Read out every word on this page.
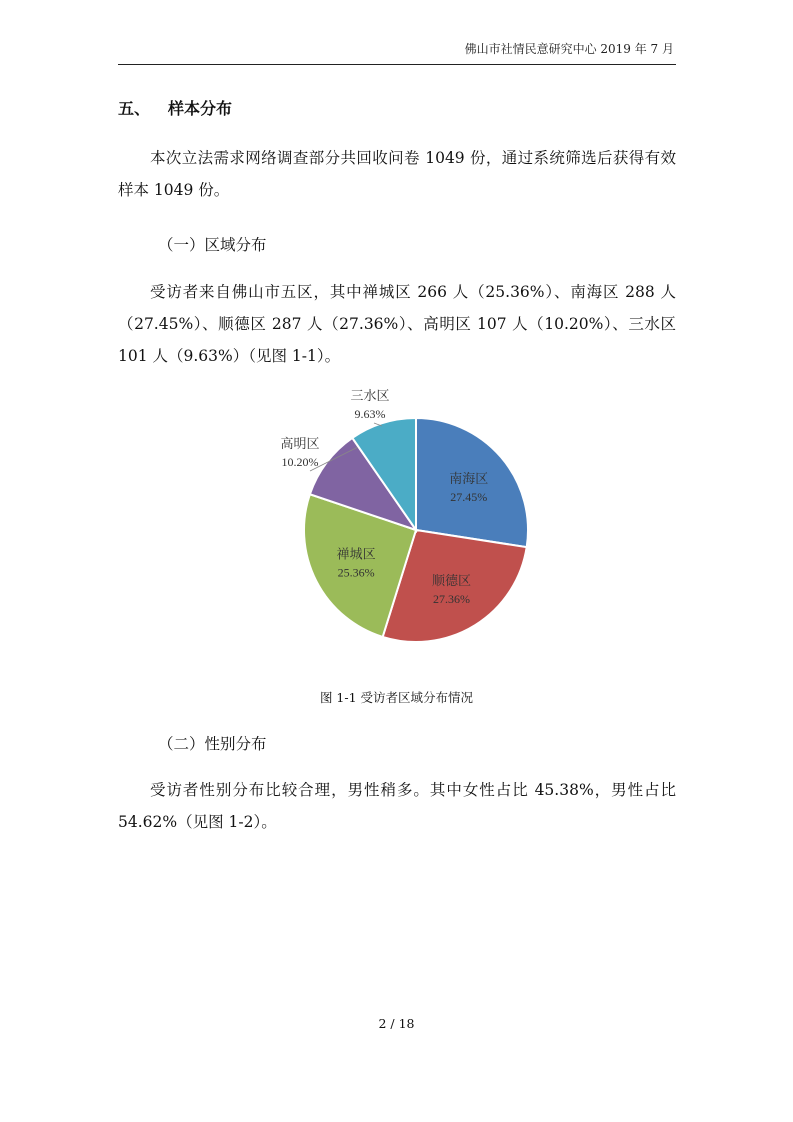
佛山市社情民意研究中心 2019 年 7 月
五、 样本分布
本次立法需求网络调查部分共回收问卷 1049 份，通过系统筛选后获得有效样本 1049 份。
（一）区域分布
受访者来自佛山市五区，其中禅城区 266 人（25.36%）、南海区 288 人（27.45%）、顺德区 287 人（27.36%）、高明区 107 人（10.20%）、三水区 101 人（9.63%）（见图 1-1）。
南海区
27.45%
顺德区
27.36%
禅城区
25.36%
高明区
10.20%
三水区
9.63%
图 1-1 受访者区域分布情况
（二）性别分布
受访者性别分布比较合理，男性稍多。其中女性占比 45.38%，男性占比 54.62%（见图 1-2）。
2 / 18
